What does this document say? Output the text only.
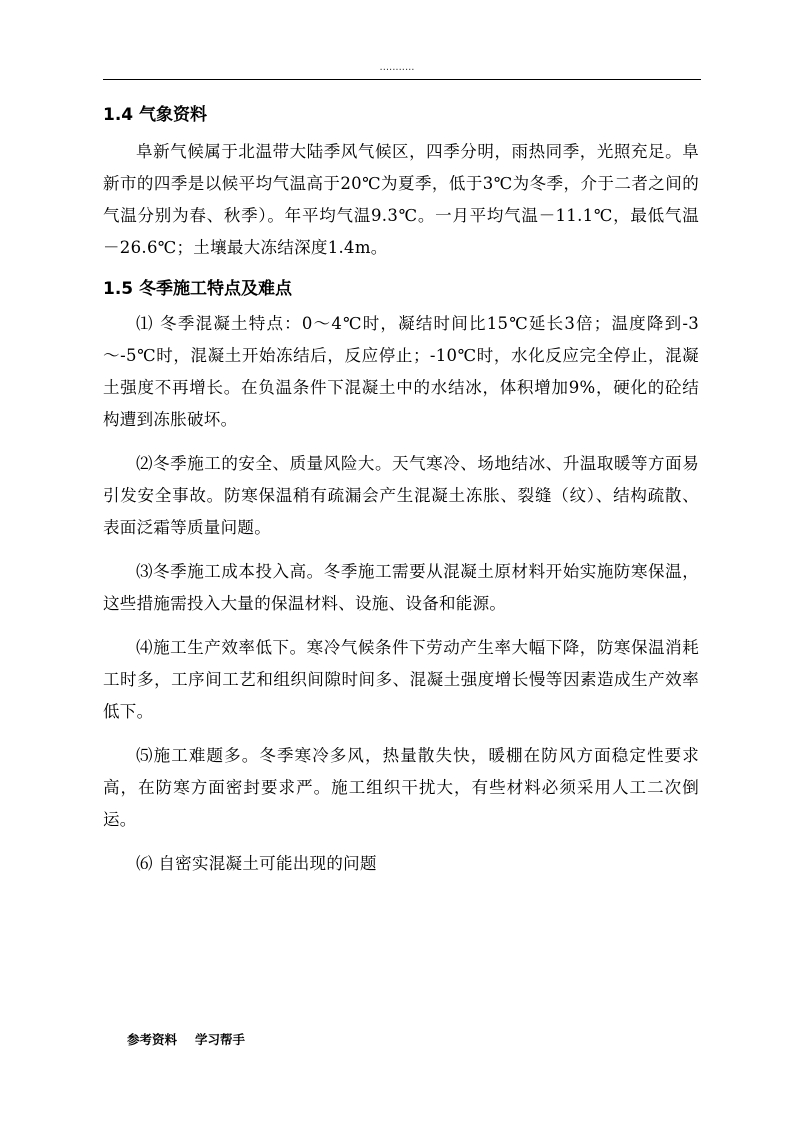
...........
1.4 气象资料

阜新气候属于北温带大陆季风气候区，四季分明，雨热同季，光照充足。阜新市的四季是以候平均气温高于20℃为夏季，低于3℃为冬季，介于二者之间的气温分别为春、秋季）。年平均气温9.3℃。一月平均气温－11.1℃，最低气温－26.6℃；土壤最大冻结深度1.4m。

1.5 冬季施工特点及难点

⑴ 冬季混凝土特点：0～4℃时，凝结时间比15℃延长3倍；温度降到-3～-5℃时，混凝土开始冻结后，反应停止；-10℃时，水化反应完全停止，混凝土强度不再增长。在负温条件下混凝土中的水结冰，体积增加9%，硬化的砼结构遭到冻胀破坏。

⑵冬季施工的安全、质量风险大。天气寒冷、场地结冰、升温取暖等方面易引发安全事故。防寒保温稍有疏漏会产生混凝土冻胀、裂缝（纹）、结构疏散、表面泛霜等质量问题。

⑶冬季施工成本投入高。冬季施工需要从混凝土原材料开始实施防寒保温，这些措施需投入大量的保温材料、设施、设备和能源。

⑷施工生产效率低下。寒冷气候条件下劳动产生率大幅下降，防寒保温消耗工时多，工序间工艺和组织间隙时间多、混凝土强度增长慢等因素造成生产效率低下。

⑸施工难题多。冬季寒冷多风，热量散失快，暖棚在防风方面稳定性要求高，在防寒方面密封要求严。施工组织干扰大，有些材料必须采用人工二次倒运。

⑹ 自密实混凝土可能出现的问题

参考资料 学习帮手
